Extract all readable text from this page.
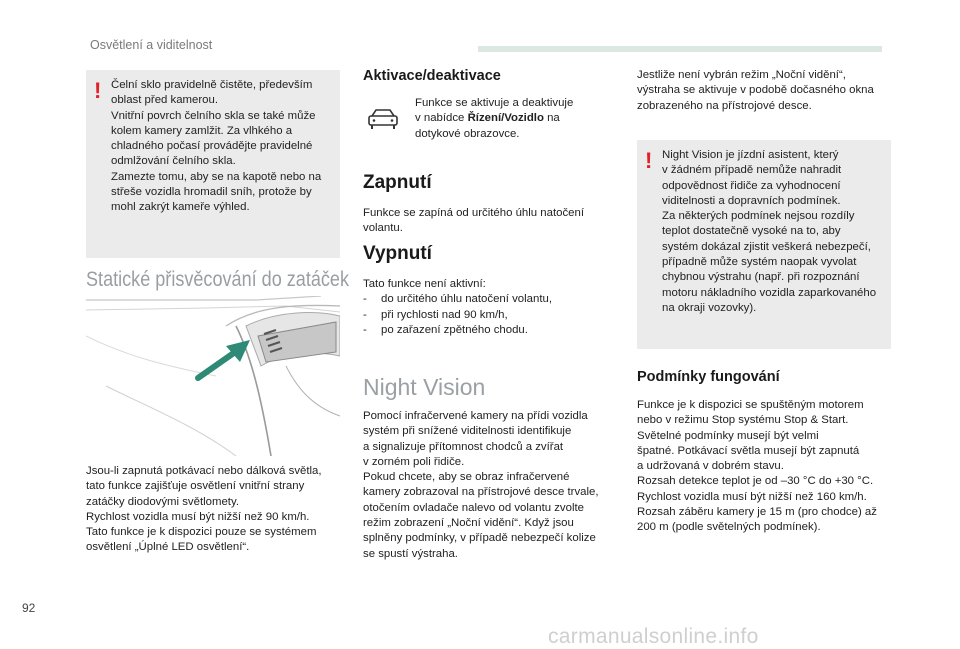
Osvětlení a viditelnost
! Čelní sklo pravidelně čistěte, především

oblast před kamerou.

Vnitřní povrch čelního skla se také může

kolem kamery zamlžit. Za vlhkého a

chladného počasí provádějte pravidelné

odmlžování čelního skla.

Zamezte tomu, aby se na kapotě nebo na

střeše vozidla hromadil sníh, protože by

mohl zakrýt kameře výhled.

Statické přisvěcování do zatáček

Jsou-li zapnutá potkávací nebo dálková světla,

tato funkce zajišťuje osvětlení vnitřní strany

zatáčky diodovými světlomety.

Rychlost vozidla musí být nižší než 90 km/h.

Tato funkce je k dispozici pouze se systémem

osvětlení „Úplné LED osvětlení“.

Aktivace/deaktivace

Funkce se aktivuje a deaktivuje

v nabídce Řízení/Vozidlo na

dotykové obrazovce.

Zapnutí

Funkce se zapíná od určitého úhlu natočení

volantu.

Vypnutí

Tato funkce není aktivní:

- do určitého úhlu natočení volantu,
- při rychlosti nad 90 km/h,
- po zařazení zpětného chodu.
Night Vision

Pomocí infračervené kamery na přídi vozidla

systém při snížené viditelnosti identifikuje

a signalizuje přítomnost chodců a zvířat

v zorném poli řidiče.

Pokud chcete, aby se obraz infračervené

kamery zobrazoval na přístrojové desce trvale,

otočením ovladače nalevo od volantu zvolte

režim zobrazení „Noční vidění“. Když jsou

splněny podmínky, v případě nebezpečí kolize

se spustí výstraha.

Jestliže není vybrán režim „Noční vidění“,

výstraha se aktivuje v podobě dočasného okna

zobrazeného na přístrojové desce.

! Night Vision je jízdní asistent, který

v žádném případě nemůže nahradit

odpovědnost řidiče za vyhodnocení

viditelnosti a dopravních podmínek.

Za některých podmínek nejsou rozdíly

teplot dostatečně vysoké na to, aby

systém dokázal zjistit veškerá nebezpečí,

případně může systém naopak vyvolat

chybnou výstrahu (např. při rozpoznání

motoru nákladního vozidla zaparkovaného

na okraji vozovky).

Podmínky fungování

Funkce je k dispozici se spuštěným motorem

nebo v režimu Stop systému Stop & Start.

Světelné podmínky musejí být velmi

špatné. Potkávací světla musejí být zapnutá

a udržovaná v dobrém stavu.

Rozsah detekce teplot je od –30 °C do +30 °C.

Rychlost vozidla musí být nižší než 160 km/h.

Rozsah záběru kamery je 15 m (pro chodce) až

200 m (podle světelných podmínek).

92
carmanualsonline.info
